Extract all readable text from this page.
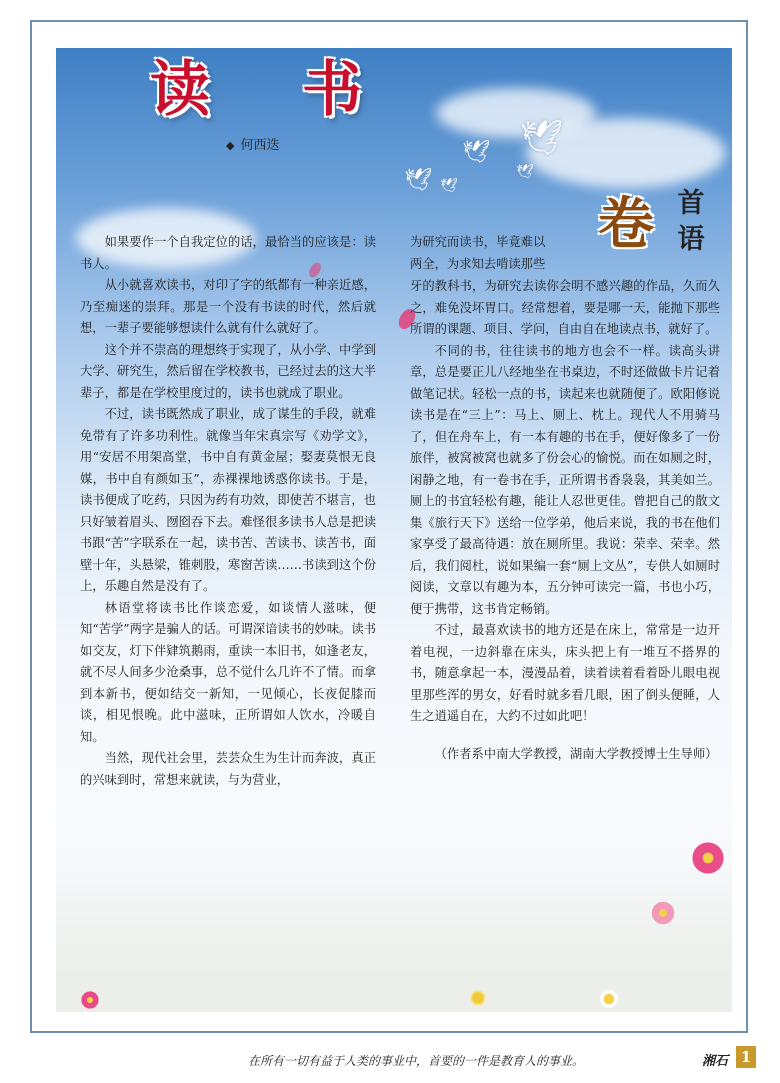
🕊
🕊
🕊 🕊
🕊
读 书
◆ 何西迭
卷 首
语

如果要作一个自我定位的话，最恰当的应该是：读书人。

从小就喜欢读书，对印了字的纸都有一种亲近感，乃至痴迷的崇拜。那是一个没有书读的时代，然后就想，一辈子要能够想读什么就有什么就好了。

这个并不崇高的理想终于实现了，从小学、中学到大学、研究生，然后留在学校教书，已经过去的这大半辈子，都是在学校里度过的，读书也就成了职业。

不过，读书既然成了职业，成了谋生的手段，就难免带有了许多功利性。就像当年宋真宗写《劝学文》，用“安居不用架高堂，书中自有黄金屋；娶妻莫恨无良媒，书中自有颜如玉”，赤裸裸地诱惑你读书。于是，读书便成了吃药，只因为药有功效，即使苦不堪言，也只好皱着眉头、囫囵吞下去。难怪很多读书人总是把读书跟“苦”字联系在一起，读书苦、苦读书、读苦书，面壁十年，头悬梁，锥刺股，寒窗苦读……书读到这个份上，乐趣自然是没有了。

林语堂将读书比作谈恋爱，如谈情人滋味，便知“苦学”两字是骗人的话。可谓深谙读书的妙味。读书如交友，灯下伴肄筑鹅雨，重读一本旧书，如逢老友，就不尽人间多少沧桑事，总不觉什么几许不了情。而拿到本新书，便如结交一新知，一见倾心，长夜促膝而谈，相见恨晚。此中滋味，正所谓如人饮水，冷暖自知。

当然，现代社会里，芸芸众生为生计而奔波，真正的兴味到时，常想来就读，与为营业，

为研究而读书，毕竟难以
两全，为求知去啃读那些

牙的教科书，为研究去读你会明不感兴趣的作品，久而久之，难免没坏胃口。经常想着，要是哪一天，能抛下那些所谓的课题、项目、学问，自由自在地读点书，就好了。

不同的书，往往读书的地方也会不一样。读高头讲章，总是要正儿八经地坐在书桌边，不时还做做卡片记着做笔记状。轻松一点的书，读起来也就随便了。欧阳修说读书是在“三上”：马上、厕上、枕上。现代人不用骑马了，但在舟车上，有一本有趣的书在手，便好像多了一份旅伴，被窝被窝也就多了份会心的愉悦。而在如厕之时，闲静之地，有一卷书在手，正所谓书香袅袅，其美如兰。厕上的书宜轻松有趣，能让人忍世更佳。曾把自己的散文集《旅行天下》送给一位学弟，他后来说，我的书在他们家享受了最高待遇：放在厕所里。我说：荣幸、荣幸。然后，我们阅杜，说如果编一套“厕上文丛”，专供人如厕时阅读，文章以有趣为本，五分钟可读完一篇，书也小巧，便于携带，这书肯定畅销。

不过，最喜欢读书的地方还是在床上，常常是一边开着电视，一边斜靠在床头，床头把上有一堆互不搭界的书，随意拿起一本，漫漫品着，读着读着看着卧儿眼电视里那些浑的男女，好看时就多看几眼，困了倒头便睡，人生之逍遥自在，大约不过如此吧！

（作者系中南大学教授，湖南大学教授博士生导师）

在所有一切有益于人类的事业中，首要的一件是教育人的事业。	湘石 1
